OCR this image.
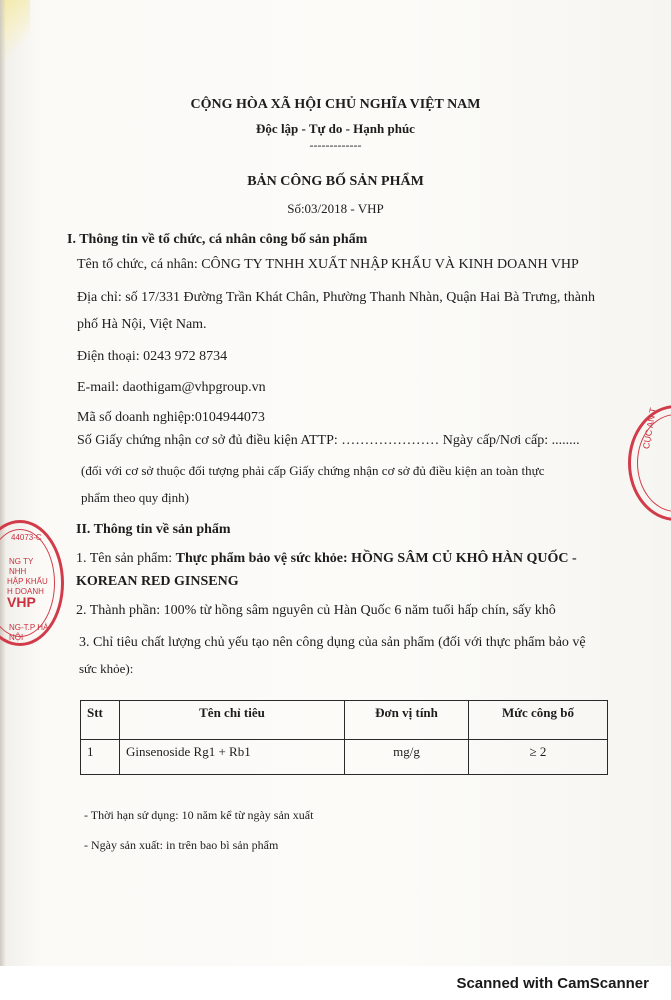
CỘNG HÒA XÃ HỘI CHỦ NGHĨA VIỆT NAM
Độc lập - Tự do - Hạnh phúc
-------------
BẢN CÔNG BỐ SẢN PHẨM
Số:03/2018 - VHP
I. Thông tin về tổ chức, cá nhân công bố sản phẩm
Tên tổ chức, cá nhân: CÔNG TY TNHH XUẤT NHẬP KHẨU VÀ KINH DOANH VHP
Địa chỉ: số 17/331 Đường Trần Khát Chân, Phường Thanh Nhàn, Quận Hai Bà Trưng, thành
phố Hà Nội, Việt Nam.
Điện thoại: 0243 972 8734
E-mail: daothigam@vhpgroup.vn
Mã số doanh nghiệp:0104944073
Số Giấy chứng nhận cơ sở đủ điều kiện ATTP: ………………… Ngày cấp/Nơi cấp: ........
(đối với cơ sở thuộc đối tượng phải cấp Giấy chứng nhận cơ sở đủ điều kiện an toàn thực
phẩm theo quy định)
II. Thông tin về sản phẩm
1. Tên sản phẩm: Thực phẩm bảo vệ sức khỏe: HỒNG SÂM CỦ KHÔ HÀN QUỐC -
KOREAN RED GINSENG
2. Thành phần: 100% từ hồng sâm nguyên củ Hàn Quốc 6 năm tuổi hấp chín, sấy khô
3. Chỉ tiêu chất lượng chủ yếu tạo nên công dụng của sản phẩm (đối với thực phẩm bảo vệ
sức khỏe):
Stt	Tên chỉ tiêu	Đơn vị tính	Mức công bố
1	Ginsenoside Rg1 + Rb1	mg/g	≥ 2
- Thời hạn sử dụng: 10 năm kể từ ngày sản xuất
- Ngày sản xuất: in trên bao bì sản phẩm
44073-C
NG TY
NHH
HẬP KHẨU
H DOANH
VHP
NG-T.P HÀ NỘI
CỤC AN T
Scanned with CamScanner
